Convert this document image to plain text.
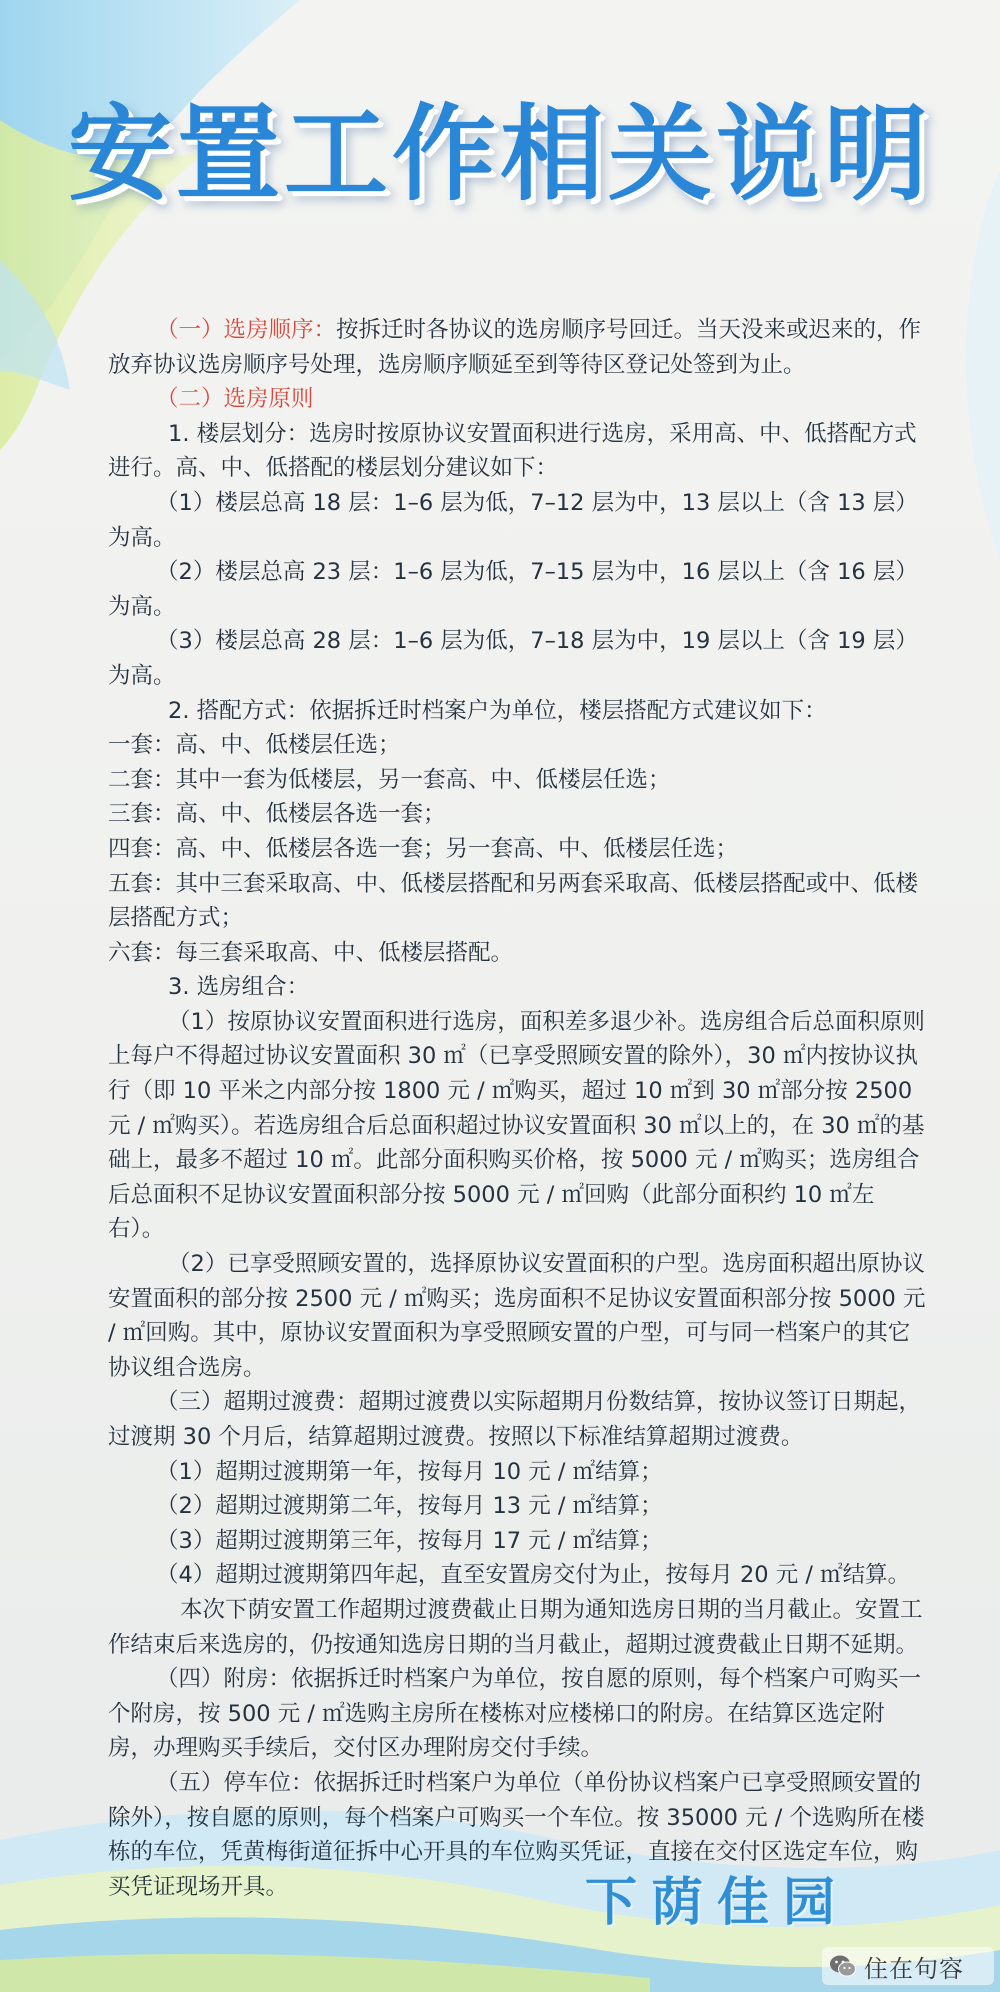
安置工作相关说明

（一）选房顺序：按拆迁时各协议的选房顺序号回迁。当天没来或迟来的，作放弃协议选房顺序号处理，选房顺序顺延至到等待区登记处签到为止。

（二）选房原则

1. 楼层划分：选房时按原协议安置面积进行选房，采用高、中、低搭配方式进行。高、中、低搭配的楼层划分建议如下：

（1）楼层总高 18 层：1–6 层为低，7–12 层为中，13 层以上（含 13 层）为高。

（2）楼层总高 23 层：1–6 层为低，7–15 层为中，16 层以上（含 16 层）为高。

（3）楼层总高 28 层：1–6 层为低，7–18 层为中，19 层以上（含 19 层）为高。

2. 搭配方式：依据拆迁时档案户为单位，楼层搭配方式建议如下：

一套：高、中、低楼层任选；

二套：其中一套为低楼层，另一套高、中、低楼层任选；

三套：高、中、低楼层各选一套；

四套：高、中、低楼层各选一套；另一套高、中、低楼层任选；

五套：其中三套采取高、中、低楼层搭配和另两套采取高、低楼层搭配或中、低楼层搭配方式；

六套：每三套采取高、中、低楼层搭配。

3. 选房组合：

（1）按原协议安置面积进行选房，面积差多退少补。选房组合后总面积原则上每户不得超过协议安置面积 30 ㎡（已享受照顾安置的除外），30 ㎡内按协议执行（即 10 平米之内部分按 1800 元 / ㎡购买，超过 10 ㎡到 30 ㎡部分按 2500 元 / ㎡购买）。若选房组合后总面积超过协议安置面积 30 ㎡以上的，在 30 ㎡的基础上，最多不超过 10 ㎡。此部分面积购买价格，按 5000 元 / ㎡购买；选房组合后总面积不足协议安置面积部分按 5000 元 / ㎡回购（此部分面积约 10 ㎡左右）。

（2）已享受照顾安置的，选择原协议安置面积的户型。选房面积超出原协议安置面积的部分按 2500 元 / ㎡购买；选房面积不足协议安置面积部分按 5000 元 / ㎡回购。其中，原协议安置面积为享受照顾安置的户型，可与同一档案户的其它协议组合选房。

（三）超期过渡费：超期过渡费以实际超期月份数结算，按协议签订日期起，过渡期 30 个月后，结算超期过渡费。按照以下标准结算超期过渡费。

（1）超期过渡期第一年，按每月 10 元 / ㎡结算；

（2）超期过渡期第二年，按每月 13 元 / ㎡结算；

（3）超期过渡期第三年，按每月 17 元 / ㎡结算；

（4）超期过渡期第四年起，直至安置房交付为止，按每月 20 元 / ㎡结算。

本次下荫安置工作超期过渡费截止日期为通知选房日期的当月截止。安置工作结束后来选房的，仍按通知选房日期的当月截止，超期过渡费截止日期不延期。

（四）附房：依据拆迁时档案户为单位，按自愿的原则，每个档案户可购买一个附房，按 500 元 / ㎡选购主房所在楼栋对应楼梯口的附房。在结算区选定附房，办理购买手续后，交付区办理附房交付手续。

（五）停车位：依据拆迁时档案户为单位（单份协议档案户已享受照顾安置的除外），按自愿的原则，每个档案户可购买一个车位。按 35000 元 / 个选购所在楼栋的车位，凭黄梅街道征拆中心开具的车位购买凭证，直接在交付区选定车位，购买凭证现场开具。	下荫佳园
住在句容
